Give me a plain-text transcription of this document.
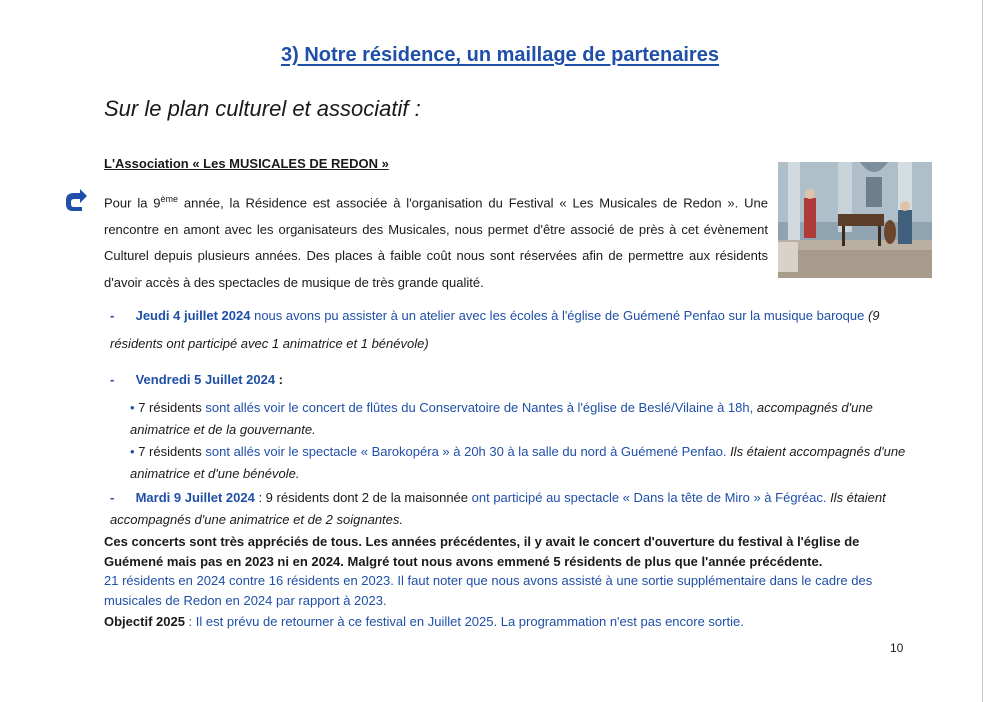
3) Notre résidence, un maillage de partenaires
Sur le plan culturel et associatif :
L'Association « Les MUSICALES DE REDON »
Pour la 9ème année, la Résidence est associée à l'organisation du Festival « Les Musicales de Redon ». Une rencontre en amont avec les organisateurs des Musicales, nous permet d'être associé de près à cet évènement Culturel depuis plusieurs années. Des places à faible coût nous sont réservées afin de permettre aux résidents d'avoir accès à des spectacles de musique de très grande qualité.
- Jeudi 4 juillet 2024 nous avons pu assister à un atelier avec les écoles à l'église de Guémené Penfao sur la musique baroque (9 résidents ont participé avec 1 animatrice et 1 bénévole)
- Vendredi 5 Juillet 2024 :
• 7 résidents sont allés voir le concert de flûtes du Conservatoire de Nantes à l'église de Beslé/Vilaine à 18h, accompagnés d'une animatrice et de la gouvernante.
• 7 résidents sont allés voir le spectacle « Barokopéra » à 20h 30 à la salle du nord à Guémené Penfao. Ils étaient accompagnés d'une animatrice et d'une bénévole.
- Mardi 9 Juillet 2024 : 9 résidents dont 2 de la maisonnée ont participé au spectacle « Dans la tête de Miro » à Fégréac. Ils étaient accompagnés d'une animatrice et de 2 soignantes.
Ces concerts sont très appréciés de tous. Les années précédentes, il y avait le concert d'ouverture du festival à l'église de Guémené mais pas en 2023 ni en 2024. Malgré tout nous avons emmené 5 résidents de plus que l'année précédente.
21 résidents en 2024 contre 16 résidents en 2023. Il faut noter que nous avons assisté à une sortie supplémentaire dans le cadre des musicales de Redon en 2024 par rapport à 2023.
Objectif 2025 : Il est prévu de retourner à ce festival en Juillet 2025. La programmation n'est pas encore sortie.
10
